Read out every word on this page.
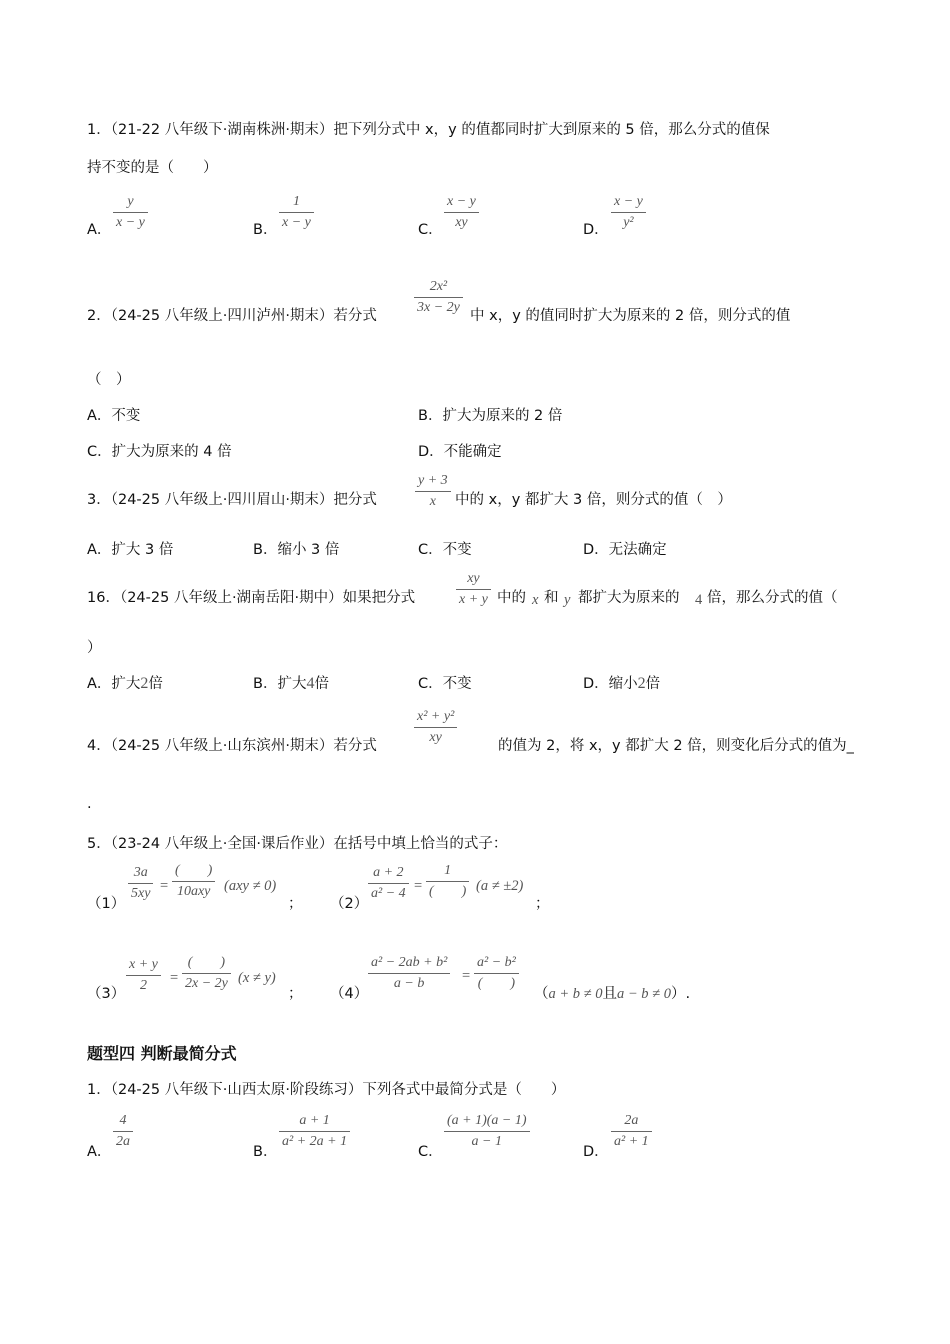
1．（21-22 八年级下·湖南株洲·期末）把下列分式中 x，y 的值都同时扩大到原来的 5 倍，那么分式的值保
持不变的是（　　）
A．
y
x − y	B．
1
x − y	C．
x − y
xy	D．
x − y
y²
2．（24-25 八年级上·四川泸州·期末）若分式
2x²
3x − 2y
中 x，y 的值同时扩大为原来的 2 倍，则分式的值
（　）
A．不变	B．扩大为原来的 2 倍
C．扩大为原来的 4 倍	D．不能确定
3．（24-25 八年级上·四川眉山·期末）把分式
y + 3
x 中的 x，y 都扩大 3 倍，则分式的值（　）
A．扩大 3 倍	B．缩小 3 倍	C．不变	D．无法确定
16．（24-25 八年级上·湖南岳阳·期中）如果把分式
xy
x + y 中的 x 和 y 都扩大为原来的 4 倍，那么分式的值（
）
A．扩大2倍	B．扩大4倍	C．不变	D．缩小2倍
4．（24-25 八年级上·山东滨州·期末）若分式
x² + y²
xy
的值为 2，将 x，y 都扩大 2 倍，则变化后分式的值为_
.
5．（23-24 八年级上·全国·课后作业）在括号中填上恰当的式子：
（1）
3a
5xy =
(　　)
10axy (axy ≠ 0)
； （2）
a + 2
a² − 4 =
1
(　　) (a ≠ ±2)
；
（3）
x + y
2 =
(　　)
2x − 2y (x ≠ y)
； （4）
a² − 2ab + b²
a − b	=
a² − b²
(　　)
（a + b ≠ 0且a − b ≠ 0）.
题型四 判断最简分式
1．（24-25 八年级下·山西太原·阶段练习）下列各式中最简分式是（　　）
A．
4
2a
B．
a + 1
a² + 2a + 1
C．
(a + 1)(a − 1)
a − 1
D．
2a
a² + 1
